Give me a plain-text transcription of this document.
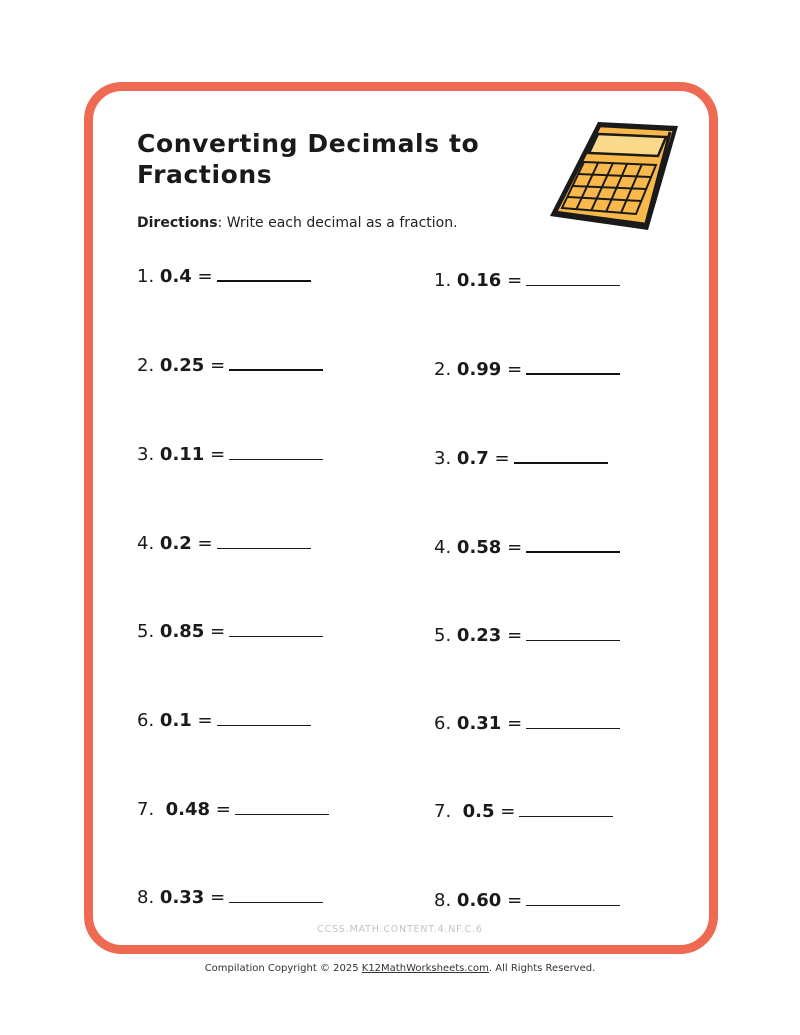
Converting Decimals to Fractions
Directions: Write each decimal as a fraction.
1. 0.4 =
2. 0.25 =
3. 0.11 =
4. 0.2 =
5. 0.85 =
6. 0.1 =
7. 0.48 =
8. 0.33 =
1. 0.16 =
2. 0.99 =
3. 0.7 =
4. 0.58 =
5. 0.23 =
6. 0.31 =
7. 0.5 =
8. 0.60 =
CCSS.MATH.CONTENT.4.NF.C.6
Compilation Copyright © 2025 K12MathWorksheets.com. All Rights Reserved.
